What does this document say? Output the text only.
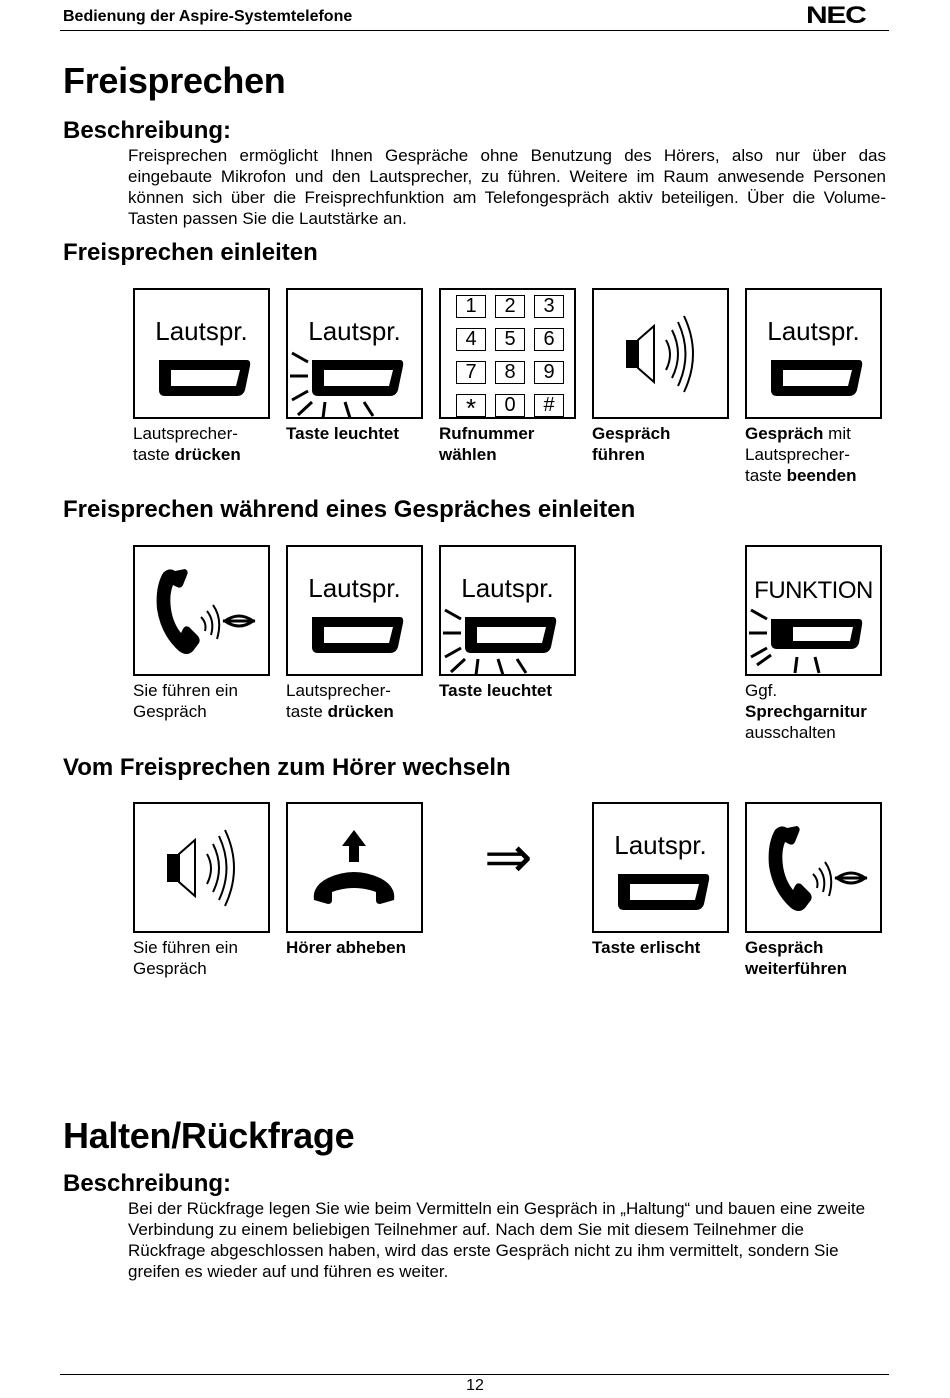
Bedienung der Aspire-Systemtelefone	NEC
Freisprechen
Beschreibung:
Freisprechen ermöglicht Ihnen Gespräche ohne Benutzung des Hörers, also nur über das eingebaute Mikrofon und den Lautsprecher, zu führen. Weitere im Raum anwesende Personen können sich über die Freisprechfunktion am Telefongespräch aktiv beteiligen. Über die Volume-Tasten passen Sie die Lautstärke an.
Freisprechen einleiten
Lautspr.	Lautspr.
1	2	3
4	5	6
7	8	9
*	0	#
Lautspr.
Lautsprecher-
taste drücken
Taste leuchtet	Rufnummer
wählen
Gespräch
führen
Gespräch mit
Lautsprecher-
taste beenden
Freisprechen während eines Gespräches einleiten
Lautspr.	Lautspr.	FUNKTION
Sie führen ein
Gespräch
Lautsprecher-
taste drücken
Taste leuchtet	Ggf.
Sprechgarnitur
ausschalten
Vom Freisprechen zum Hörer wechseln
⇒	Lautspr.
Sie führen ein
Gespräch
Hörer abheben	Taste erlischt	Gespräch
weiterführen
Halten/Rückfrage
Beschreibung:
Bei der Rückfrage legen Sie wie beim Vermitteln ein Gespräch in „Haltung“ und bauen eine zweite Verbindung zu einem beliebigen Teilnehmer auf. Nach dem Sie mit diesem Teilnehmer die Rückfrage abgeschlossen haben, wird das erste Gespräch nicht zu ihm vermittelt, sondern Sie greifen es wieder auf und führen es weiter.
12
